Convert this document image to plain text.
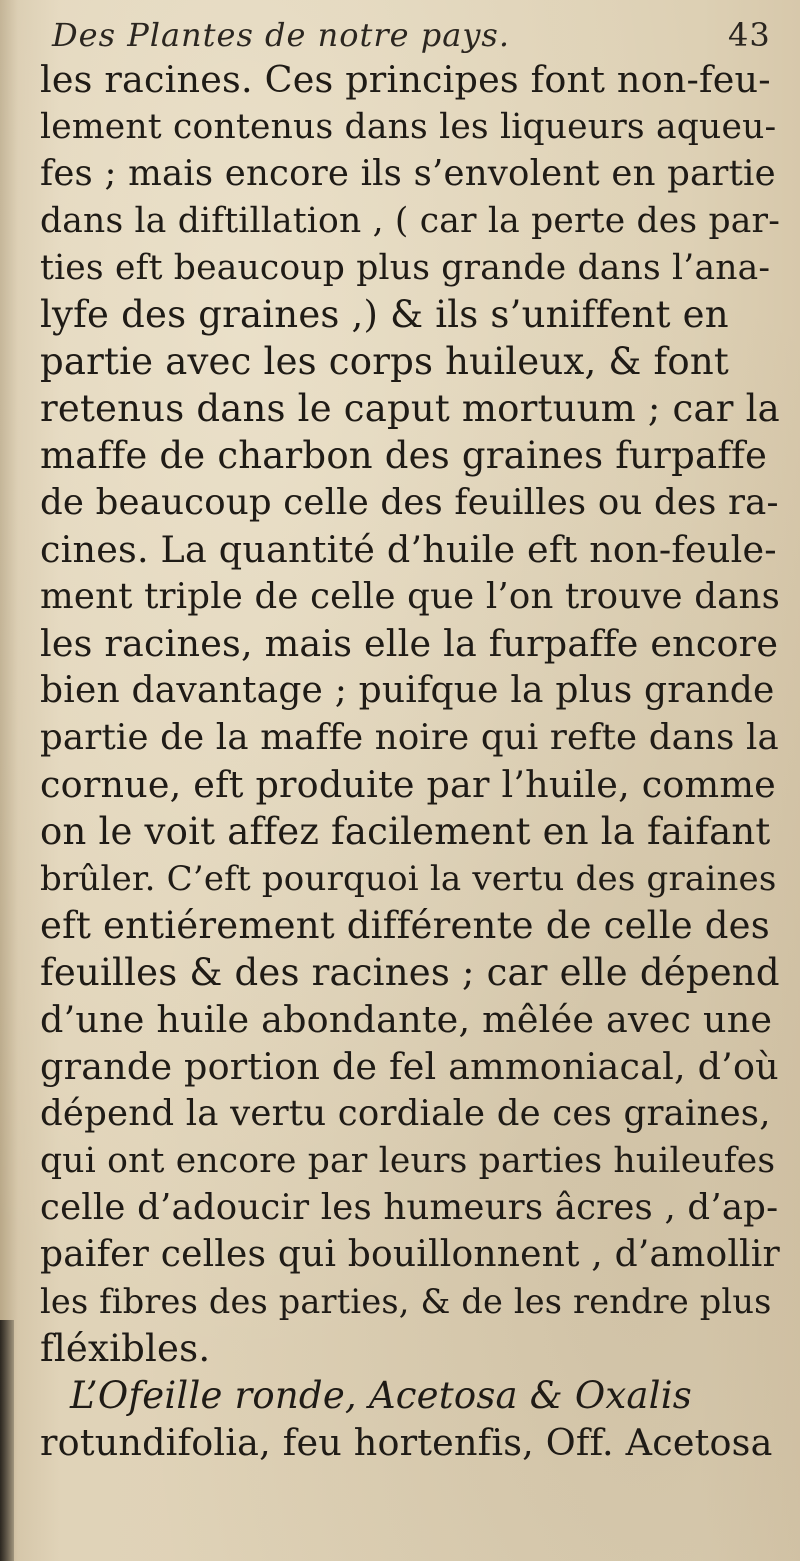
Des Plantes de notre pays.	43
les racines. Ces principes font non-feu-
lement contenus dans les liqueurs aqueu-
fes ; mais encore ils s’envolent en partie
dans la diftillation , ( car la perte des par-
ties eft beaucoup plus grande dans l’ana-
lyfe des graines ,) & ils s’uniffent en
partie avec les corps huileux, & font
retenus dans le caput mortuum ; car la
maffe de charbon des graines furpaffe
de beaucoup celle des feuilles ou des ra-
cines. La quantité d’huile eft non-feule-
ment triple de celle que l’on trouve dans
les racines, mais elle la furpaffe encore
bien davantage ; puifque la plus grande
partie de la maffe noire qui refte dans la
cornue, eft produite par l’huile, comme
on le voit affez facilement en la faifant
brûler. C’eft pourquoi la vertu des graines
eft entiérement différente de celle des
feuilles & des racines ; car elle dépend
d’une huile abondante, mêlée avec une
grande portion de fel ammoniacal, d’où
dépend la vertu cordiale de ces graines,
qui ont encore par leurs parties huileufes
celle d’adoucir les humeurs âcres , d’ap-
paifer celles qui bouillonnent , d’amollir
les fibres des parties, & de les rendre plus
fléxibles.
L’Ofeille ronde, Acetosa & Oxalis
rotundifolia, feu hortenfis, Off. Acetosa
